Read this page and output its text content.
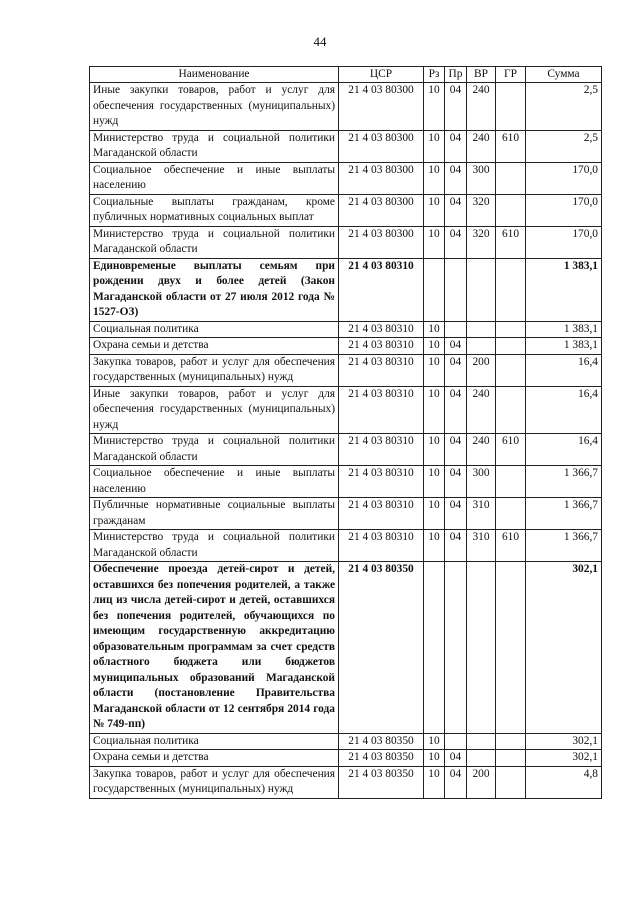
44
Наименование	ЦСР	Рз	Пр	ВР	ГР	Сумма
Иные закупки товаров, работ и услуг для обеспечения государственных (муниципальных) нужд	21 4 03 80300	10	04	240		2,5
Министерство труда и социальной политики Магаданской области	21 4 03 80300	10	04	240	610	2,5
Социальное обеспечение и иные выплаты населению	21 4 03 80300	10	04	300		170,0
Социальные выплаты гражданам, кроме публичных нормативных социальных выплат	21 4 03 80300	10	04	320		170,0
Министерство труда и социальной политики Магаданской области	21 4 03 80300	10	04	320	610	170,0
Единовременые выплаты семьям при рождении двух и более детей (Закон Магаданской области от 27 июля 2012 года № 1527-ОЗ)	21 4 03 80310					1 383,1
Социальная политика	21 4 03 80310	10				1 383,1
Охрана семьи и детства	21 4 03 80310	10	04			1 383,1
Закупка товаров, работ и услуг для обеспечения государственных (муниципальных) нужд	21 4 03 80310	10	04	200		16,4
Иные закупки товаров, работ и услуг для обеспечения государственных (муниципальных) нужд	21 4 03 80310	10	04	240		16,4
Министерство труда и социальной политики Магаданской области	21 4 03 80310	10	04	240	610	16,4
Социальное обеспечение и иные выплаты населению	21 4 03 80310	10	04	300		1 366,7
Публичные нормативные социальные выплаты гражданам	21 4 03 80310	10	04	310		1 366,7
Министерство труда и социальной политики Магаданской области	21 4 03 80310	10	04	310	610	1 366,7
Обеспечение проезда детей-сирот и детей, оставшихся без попечения родителей, а также лиц из числа детей-сирот и детей, оставшихся без попечения родителей, обучающихся по имеющим государственную аккредитацию образовательным программам за счет средств областного бюджета или бюджетов муниципальных образований Магаданской области (постановление Правительства Магаданской области от 12 сентября 2014 года № 749-пп)	21 4 03 80350					302,1
Социальная политика	21 4 03 80350	10				302,1
Охрана семьи и детства	21 4 03 80350	10	04			302,1
Закупка товаров, работ и услуг для обеспечения государственных (муниципальных) нужд	21 4 03 80350	10	04	200		4,8
